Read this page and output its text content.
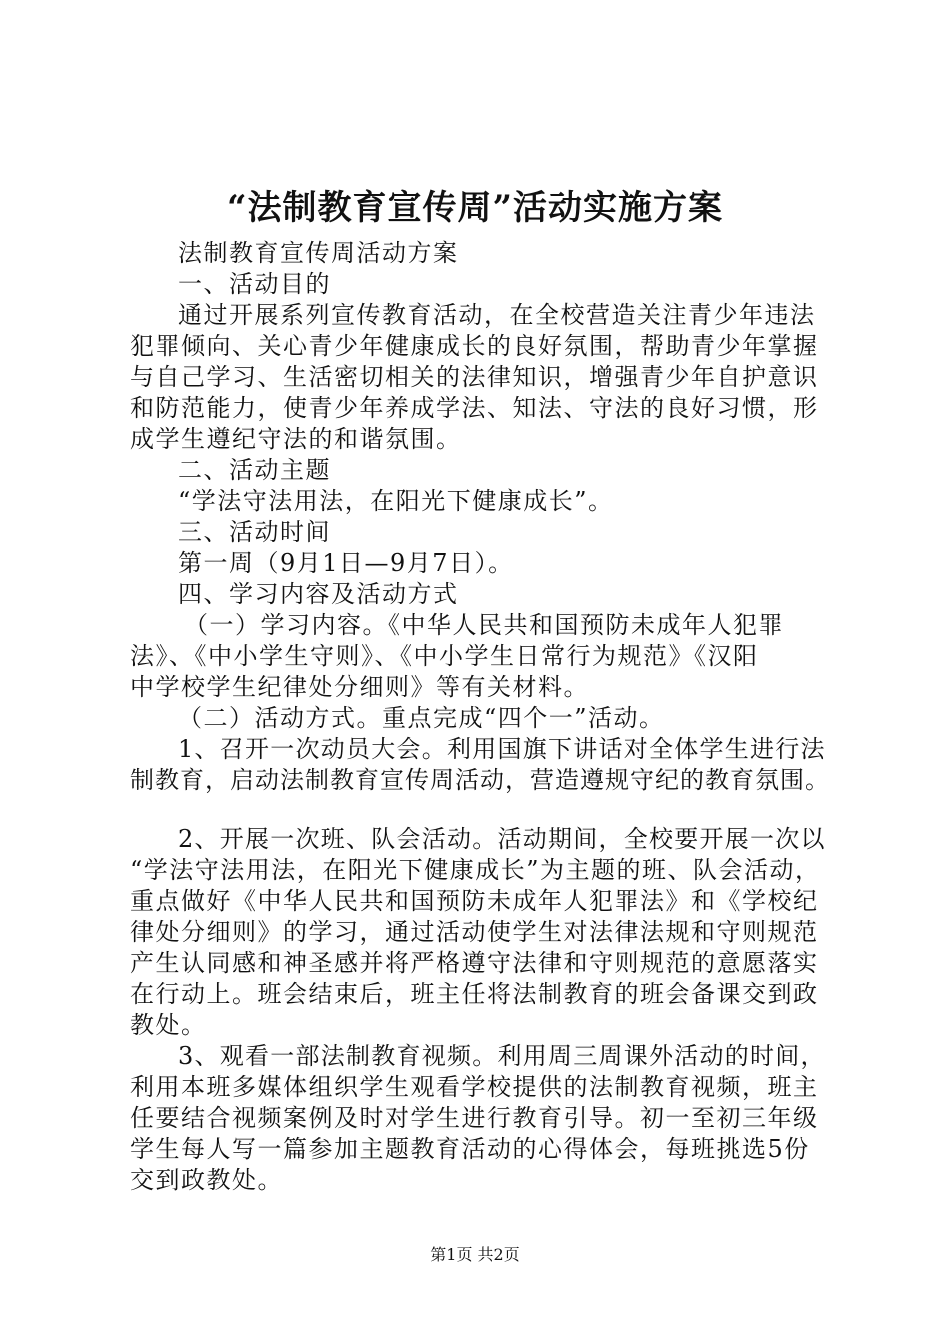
“法制教育宣传周”活动实施方案
法制教育宣传周活动方案
一、活动目的
通过开展系列宣传教育活动，在全校营造关注青少年违法
犯罪倾向、关心青少年健康成长的良好氛围，帮助青少年掌握
与自己学习、生活密切相关的法律知识，增强青少年自护意识
和防范能力，使青少年养成学法、知法、守法的良好习惯，形
成学生遵纪守法的和谐氛围。
二、活动主题
“学法守法用法，在阳光下健康成长”。
三、活动时间
第一周（9月1日—9月7日）。
四、学习内容及活动方式
（一）学习内容。《中华人民共和国预防未成年人犯罪
法》、《中小学生守则》、《中小学生日常行为规范》《汉阳
中学校学生纪律处分细则》等有关材料。
（二）活动方式。重点完成“四个一”活动。
1、召开一次动员大会。利用国旗下讲话对全体学生进行法
制教育，启动法制教育宣传周活动，营造遵规守纪的教育氛围。
2、开展一次班、队会活动。活动期间，全校要开展一次以
“学法守法用法，在阳光下健康成长”为主题的班、队会活动，
重点做好《中华人民共和国预防未成年人犯罪法》和《学校纪
律处分细则》的学习，通过活动使学生对法律法规和守则规范
产生认同感和神圣感并将严格遵守法律和守则规范的意愿落实
在行动上。班会结束后，班主任将法制教育的班会备课交到政
教处。
3、观看一部法制教育视频。利用周三周课外活动的时间，
利用本班多媒体组织学生观看学校提供的法制教育视频，班主
任要结合视频案例及时对学生进行教育引导。初一至初三年级
学生每人写一篇参加主题教育活动的心得体会，每班挑选5份
交到政教处。
第1页 共2页
